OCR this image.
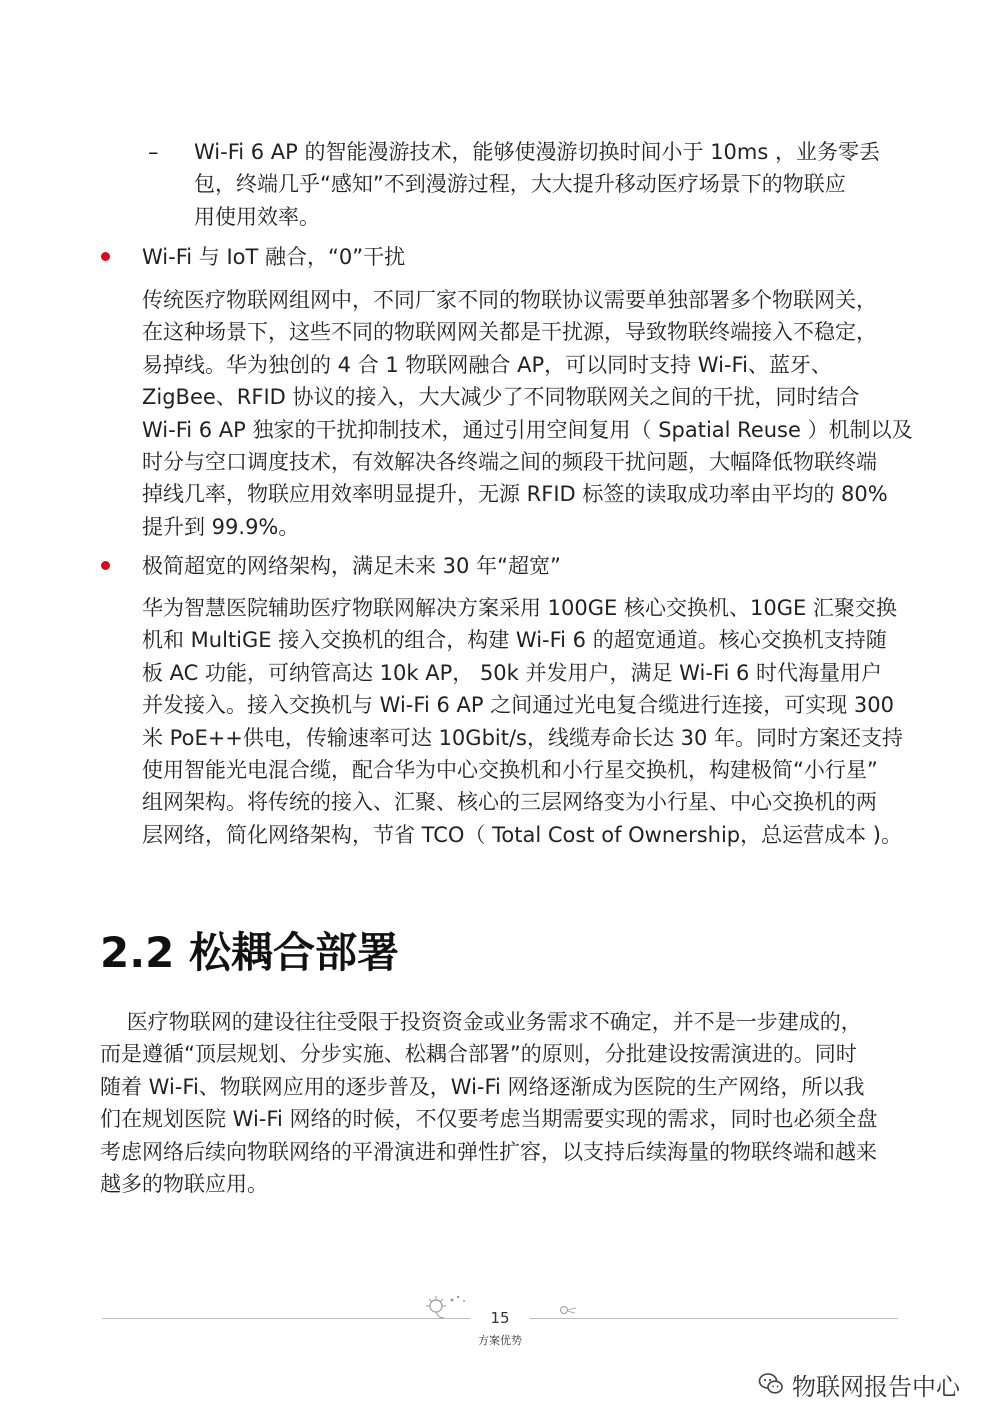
– Wi-Fi 6 AP 的智能漫游技术，能够使漫游切换时间小于 10ms ，业务零丢
包，终端几乎“感知”不到漫游过程，大大提升移动医疗场景下的物联应
用使用效率。
Wi-Fi 与 IoT 融合，“0”干扰
传统医疗物联网组网中，不同厂家不同的物联协议需要单独部署多个物联网关，
在这种场景下，这些不同的物联网网关都是干扰源，导致物联终端接入不稳定，
易掉线。华为独创的 4 合 1 物联网融合 AP，可以同时支持 Wi-Fi、蓝牙、
ZigBee、RFID 协议的接入，大大减少了不同物联网关之间的干扰，同时结合
Wi-Fi 6 AP 独家的干扰抑制技术，通过引用空间复用（ Spatial Reuse ）机制以及
时分与空口调度技术，有效解决各终端之间的频段干扰问题，大幅降低物联终端
掉线几率，物联应用效率明显提升，无源 RFID 标签的读取成功率由平均的 80%
提升到 99.9%。
极简超宽的网络架构，满足未来 30 年“超宽”
华为智慧医院辅助医疗物联网解决方案采用 100GE 核心交换机、10GE 汇聚交换
机和 MultiGE 接入交换机的组合，构建 Wi-Fi 6 的超宽通道。核心交换机支持随
板 AC 功能，可纳管高达 10k AP， 50k 并发用户，满足 Wi-Fi 6 时代海量用户
并发接入。接入交换机与 Wi-Fi 6 AP 之间通过光电复合缆进行连接，可实现 300
米 PoE++供电，传输速率可达 10Gbit/s，线缆寿命长达 30 年。同时方案还支持
使用智能光电混合缆，配合华为中心交换机和小行星交换机，构建极简“小行星”
组网架构。将传统的接入、汇聚、核心的三层网络变为小行星、中心交换机的两
层网络，简化网络架构，节省 TCO（ Total Cost of Ownership，总运营成本 )。
2.2 松耦合部署
医疗物联网的建设往往受限于投资资金或业务需求不确定，并不是一步建成的，
而是遵循“顶层规划、分步实施、松耦合部署”的原则，分批建设按需演进的。同时
随着 Wi-Fi、物联网应用的逐步普及，Wi-Fi 网络逐渐成为医院的生产网络，所以我
们在规划医院 Wi-Fi 网络的时候，不仅要考虑当期需要实现的需求，同时也必须全盘
考虑网络后续向物联网络的平滑演进和弹性扩容，以支持后续海量的物联终端和越来
越多的物联应用。
15
方案优势
物联网报告中心
